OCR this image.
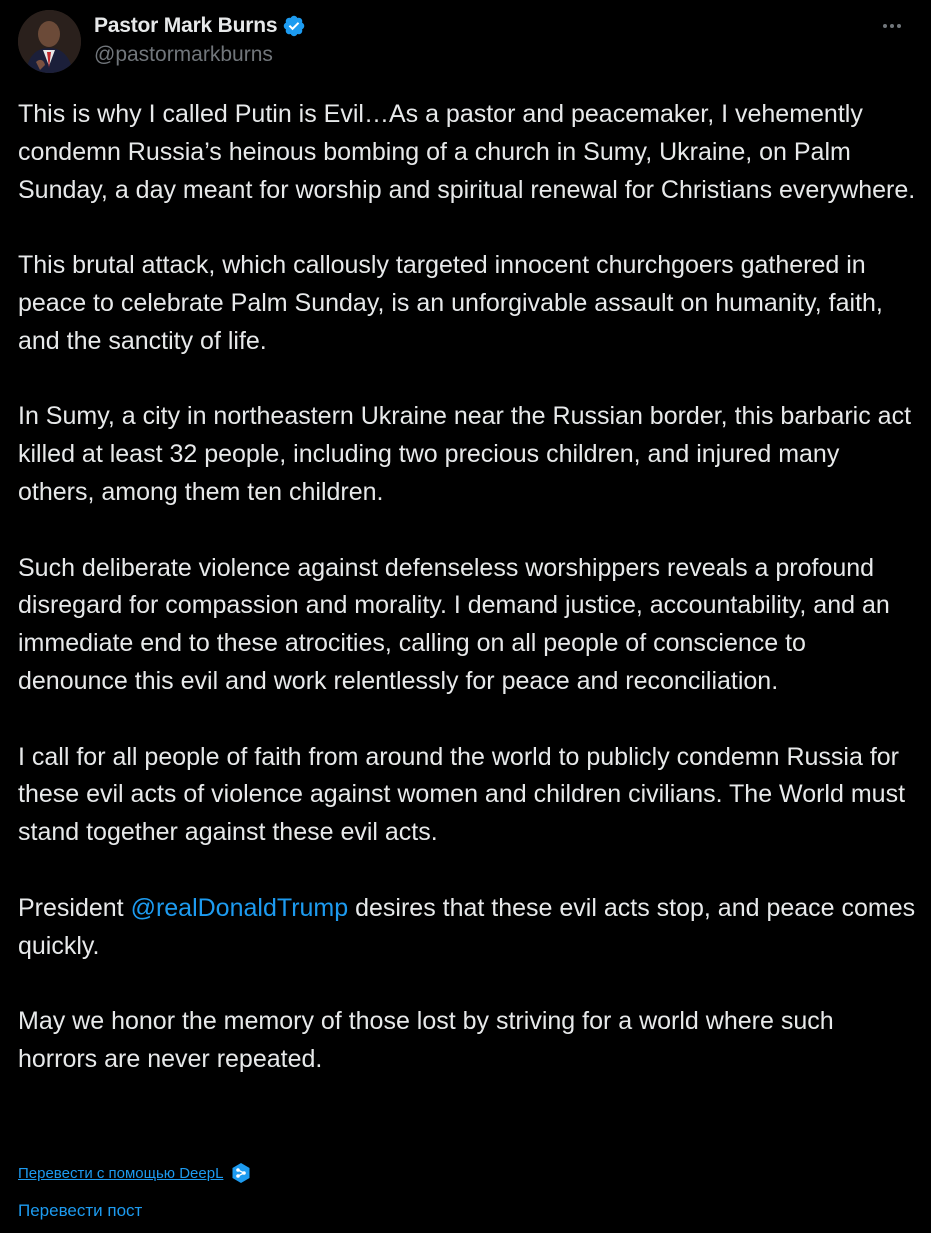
Pastor Mark Burns
@pastormarkburns

This is why I called Putin is Evil…As a pastor and peacemaker, I vehemently condemn Russia’s heinous bombing of a church in Sumy, Ukraine, on Palm Sunday, a day meant for worship and spiritual renewal for Christians everywhere.

This brutal attack, which callously targeted innocent churchgoers gathered in peace to celebrate Palm Sunday, is an unforgivable assault on humanity, faith, and the sanctity of life.

In Sumy, a city in northeastern Ukraine near the Russian border, this barbaric act killed at least 32 people, including two precious children, and injured many others, among them ten children.

Such deliberate violence against defenseless worshippers reveals a profound disregard for compassion and morality. I demand justice, accountability, and an immediate end to these atrocities, calling on all people of conscience to denounce this evil and work relentlessly for peace and reconciliation.

I call for all people of faith from around the world to publicly condemn Russia for these evil acts of violence against women and children civilians. The World must stand together against these evil acts.

President @realDonaldTrump desires that these evil acts stop, and peace comes quickly.

May we honor the memory of those lost by striving for a world where such horrors are never repeated.

Перевести с помощью DeepL
Перевести пост
